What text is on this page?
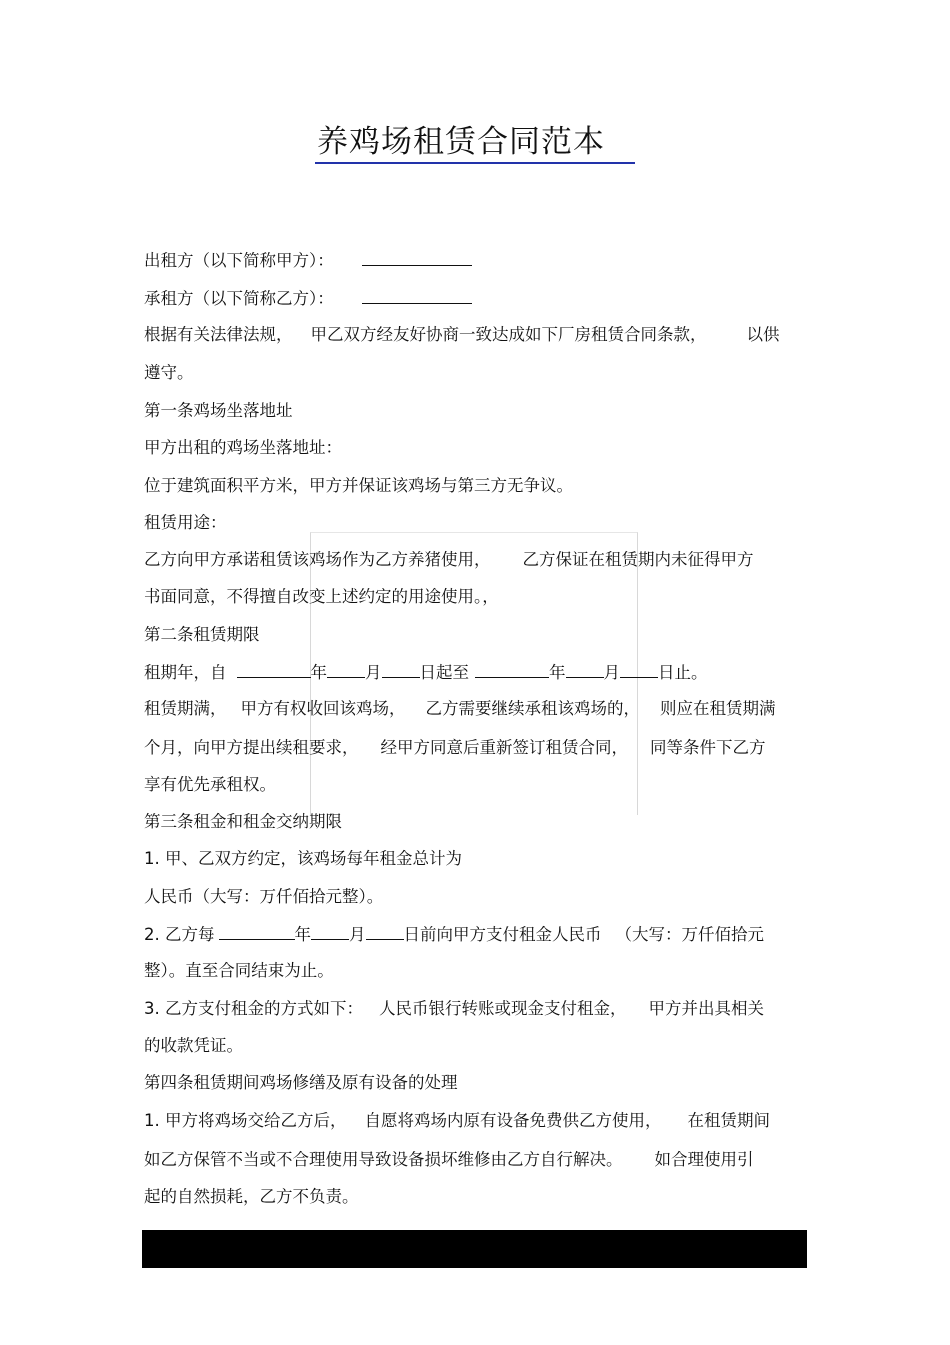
养鸡场租赁合同范本
出租方（以下简称甲方）：
承租方（以下简称乙方）：
根据有关法律法规， 甲乙双方经友好协商一致达成如下厂房租赁合同条款， 以供
遵守。
第一条鸡场坐落地址
甲方出租的鸡场坐落地址：
位于建筑面积平方米，甲方并保证该鸡场与第三方无争议。
租赁用途：
乙方向甲方承诺租赁该鸡场作为乙方养猪使用， 乙方保证在租赁期内未征得甲方
书面同意，不得擅自改变上述约定的用途使用。，
第二条租赁期限
租期年，自	年 月 日起至	年 月 日止。
租赁期满， 甲方有权收回该鸡场， 乙方需要继续承租该鸡场的， 则应在租赁期满
个月，向甲方提出续租要求， 经甲方同意后重新签订租赁合同， 同等条件下乙方
享有优先承租权。
第三条租金和租金交纳期限
1. 甲、乙双方约定，该鸡场每年租金总计为
人民币（大写：万仟佰拾元整）。
2. 乙方每	年 月 日前向甲方支付租金人民币 （大写：万仟佰拾元
整）。直至合同结束为止。
3. 乙方支付租金的方式如下： 人民币银行转账或现金支付租金， 甲方并出具相关
的收款凭证。
第四条租赁期间鸡场修缮及原有设备的处理
1. 甲方将鸡场交给乙方后， 自愿将鸡场内原有设备免费供乙方使用， 在租赁期间
如乙方保管不当或不合理使用导致设备损坏维修由乙方自行解决。 如合理使用引
起的自然损耗，乙方不负责。
